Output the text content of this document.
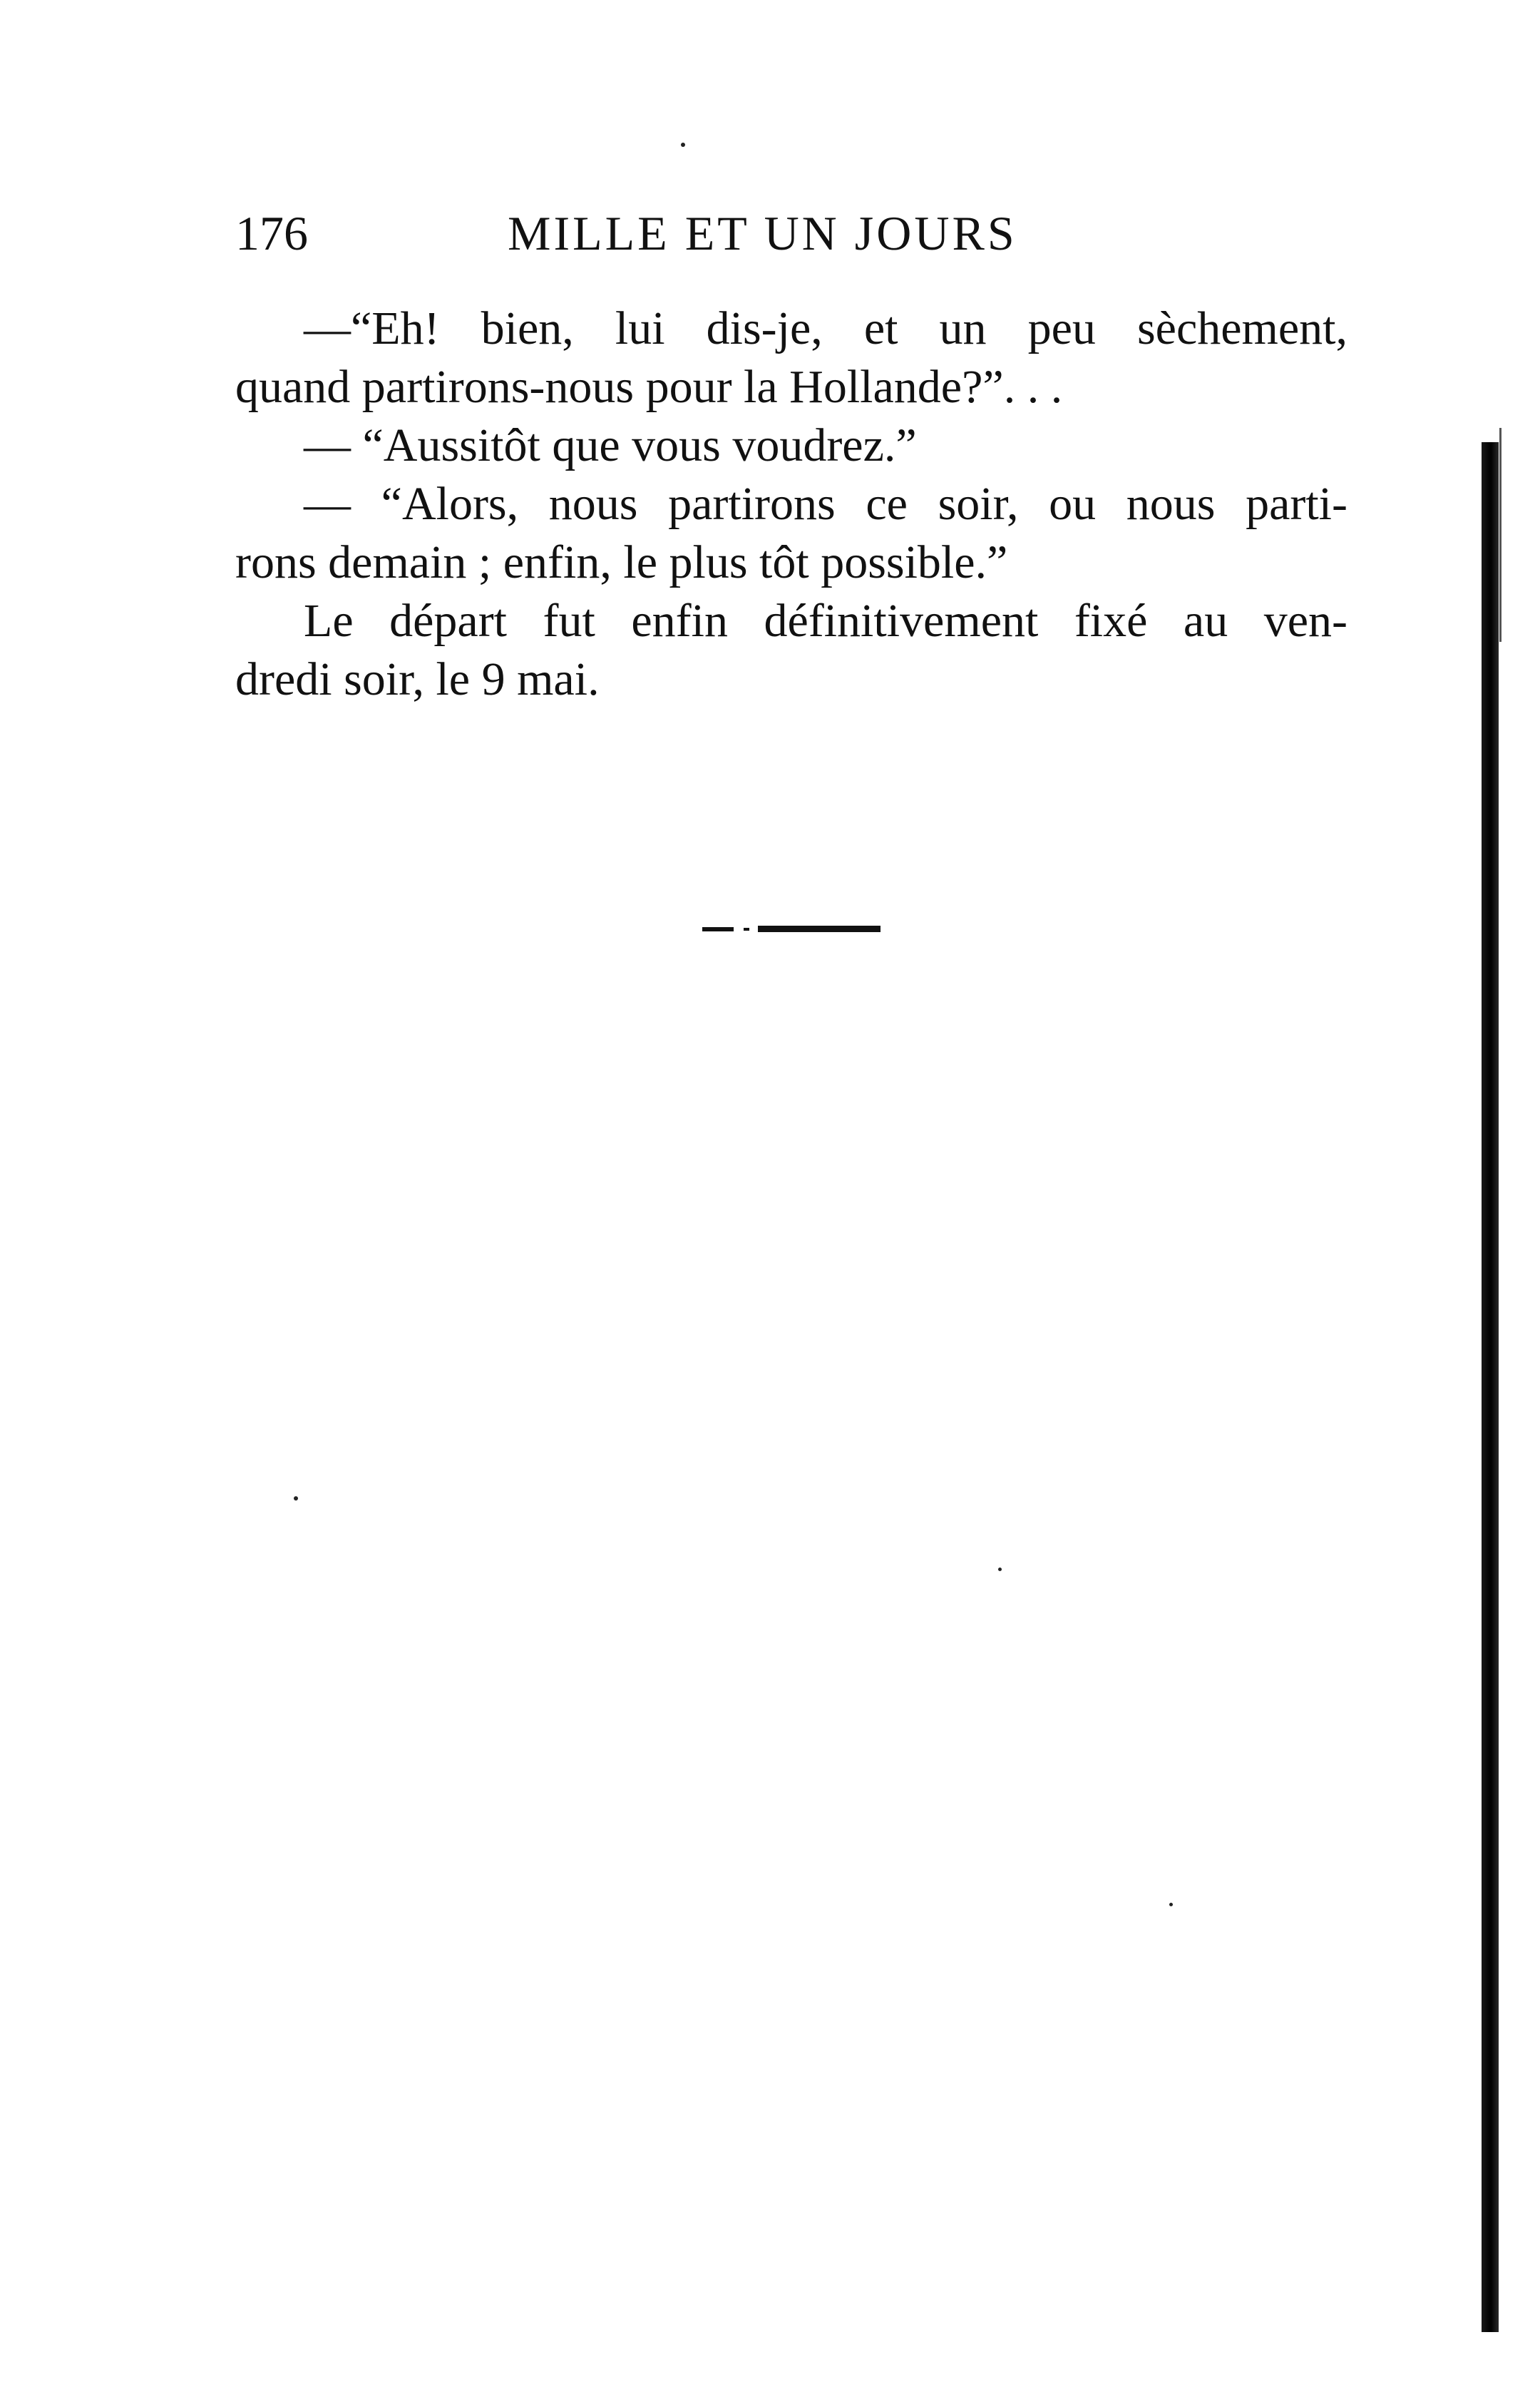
176	MILLE ET UN JOURS
—“Eh! bien, lui dis-je, et un peu sèchement,
quand partirons-nous pour la Hollande?”. . .
— “Aussitôt que vous voudrez.”
— “Alors, nous partirons ce soir, ou nous parti-
rons demain ; enfin, le plus tôt possible.”
Le départ fut enfin définitivement fixé au ven-
dredi soir, le 9 mai.
